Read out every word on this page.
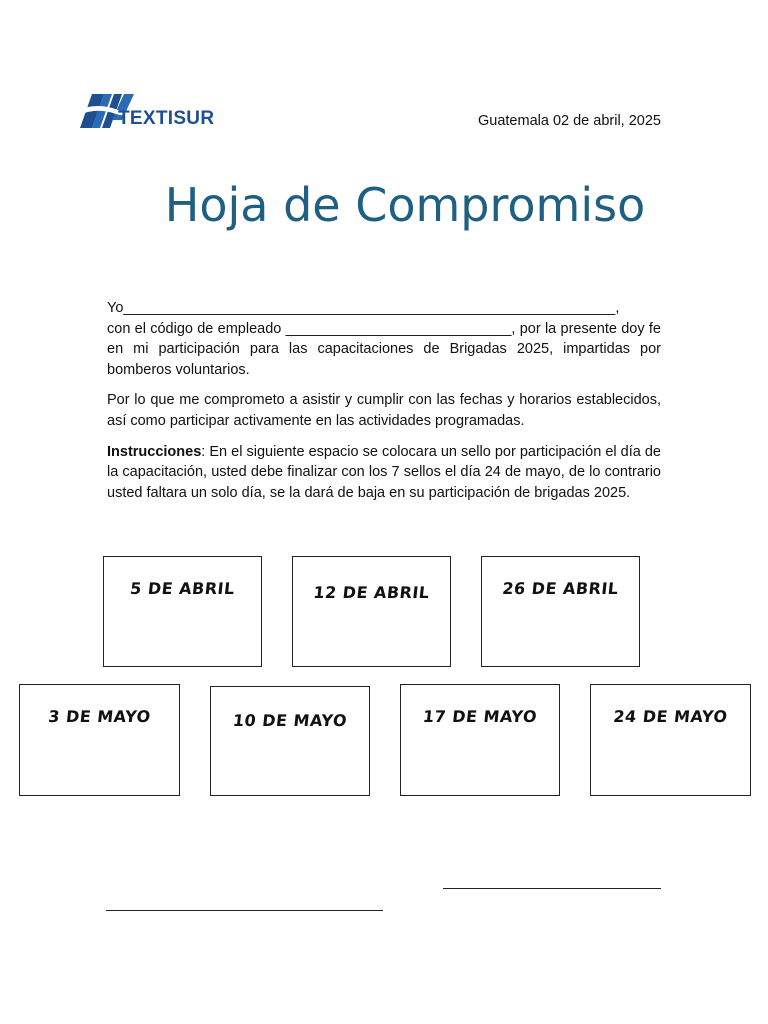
TEXTISUR	Guatemala 02 de abril, 2025
Hoja de Compromiso
Yo_____________________________________________________________,

con el código de empleado ____________________________, por la presente doy fe en mi participación para las capacitaciones de Brigadas 2025, impartidas por bomberos voluntarios.

Por lo que me comprometo a asistir y cumplir con las fechas y horarios establecidos, así como participar activamente en las actividades programadas.

Instrucciones: En el siguiente espacio se colocara un sello por participación el día de la capacitación, usted debe finalizar con los 7 sellos el día 24 de mayo, de lo contrario usted faltara un solo día, se la dará de baja en su participación de brigadas 2025.

5 DE ABRIL	12 DE ABRIL	26 DE ABRIL
3 DE MAYO	10 DE MAYO	17 DE MAYO	24 DE MAYO
